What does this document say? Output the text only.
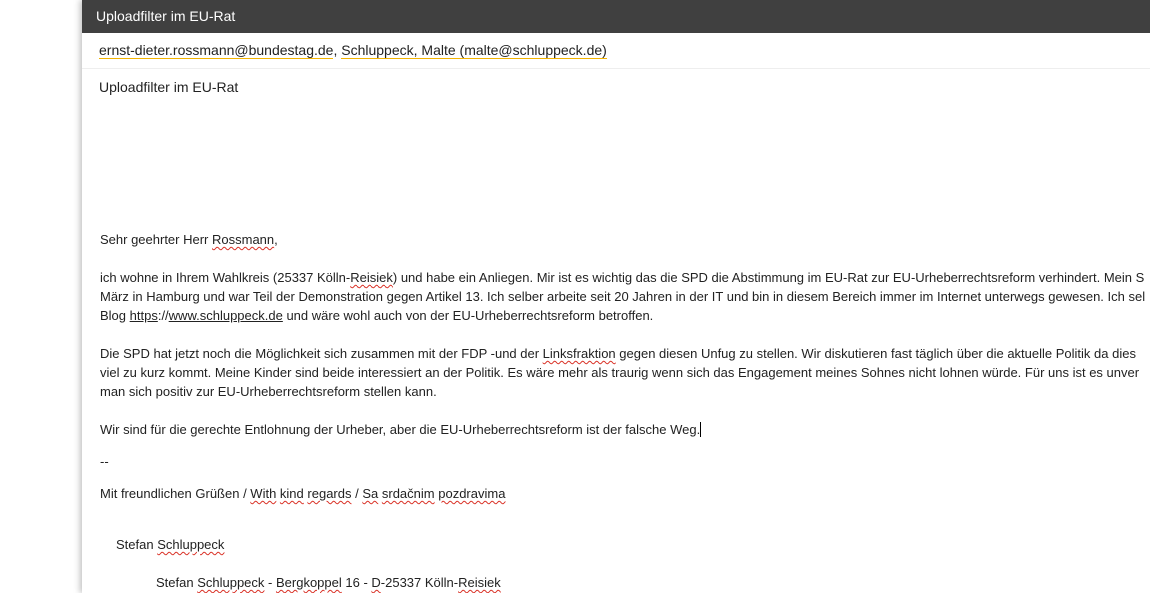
Uploadfilter im EU-Rat
ernst-dieter.rossmann@bundestag.de, Schluppeck, Malte (malte@schluppeck.de)
Uploadfilter im EU-Rat

Sehr geehrter Herr Rossmann,

ich wohne in Ihrem Wahlkreis (25337 Kölln-Reisiek) und habe ein Anliegen. Mir ist es wichtig das die SPD die Abstimmung im EU-Rat zur EU-Urheberrechtsreform verhindert. Mein S

März in Hamburg und war Teil der Demonstration gegen Artikel 13. Ich selber arbeite seit 20 Jahren in der IT und bin in diesem Bereich immer im Internet unterwegs gewesen. Ich sel

Blog https://www.schluppeck.de und wäre wohl auch von der EU-Urheberrechtsreform betroffen.

Die SPD hat jetzt noch die Möglichkeit sich zusammen mit der FDP -und der Linksfraktion gegen diesen Unfug zu stellen. Wir diskutieren fast täglich über die aktuelle Politik da dies

viel zu kurz kommt. Meine Kinder sind beide interessiert an der Politik. Es wäre mehr als traurig wenn sich das Engagement meines Sohnes nicht lohnen würde. Für uns ist es unver

man sich positiv zur EU-Urheberrechtsreform stellen kann.

Wir sind für die gerechte Entlohnung der Urheber, aber die EU-Urheberrechtsreform ist der falsche Weg.

--

Mit freundlichen Grüßen / With kind regards / Sa srdačnim pozdravima

Stefan Schluppeck

Stefan Schluppeck - Bergkoppel 16 - D-25337 Kölln-Reisiek
